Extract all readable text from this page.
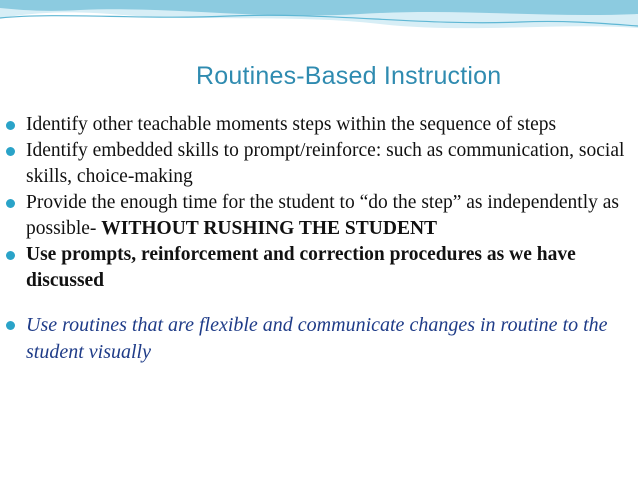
Routines-Based Instruction
Identify other teachable moments steps within the sequence of steps
Identify embedded skills to prompt/reinforce: such as communication, social skills, choice-making
Provide the enough time for the student to “do the step” as independently as possible- WITHOUT RUSHING THE STUDENT
Use prompts, reinforcement and correction procedures as we have discussed
Use routines that are flexible and communicate changes in routine to the student visually
